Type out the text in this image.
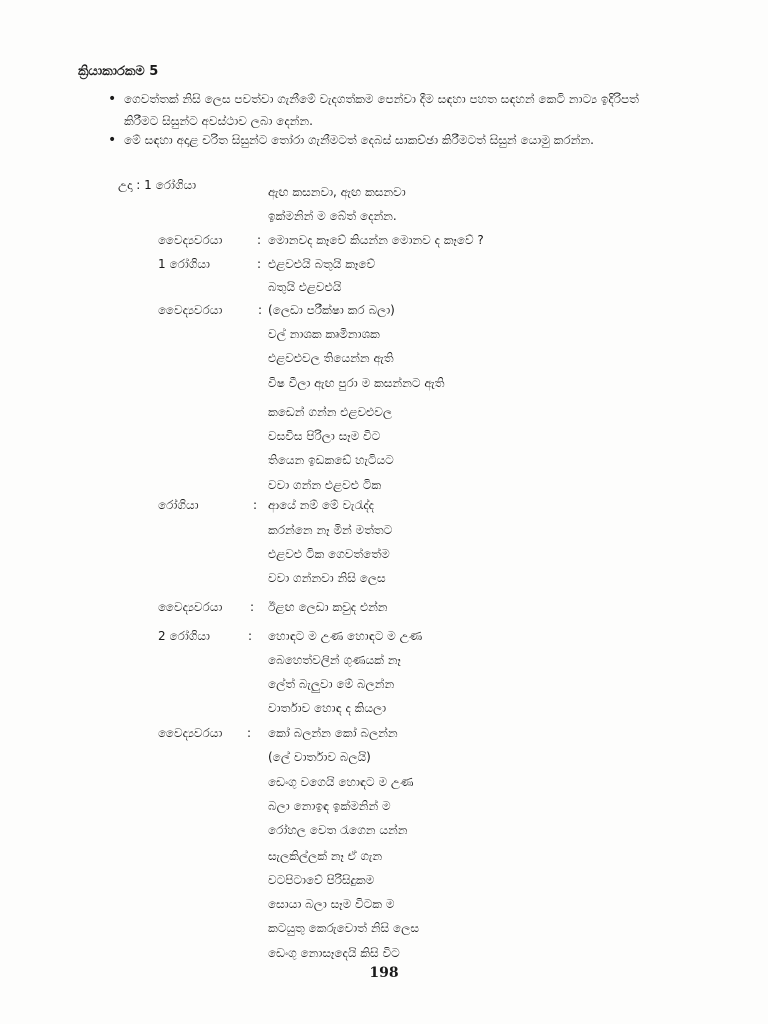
ක්‍රියාකාරකම 5
• ගෙවත්තක් නිසි ලෙස පවත්වා ගැනීමේ වැදගත්කම පෙන්වා දීම සඳහා පහත සඳහන් කෙටි නාට්‍ය ඉදිරිපත් කිරීමට සිසුන්ට අවස්ථාව ලබා දෙන්න.
• මේ සඳහා අදාළ චරිත සිසුන්ට තෝරා ගැනීමටත් දෙබස් සාකච්ඡා කිරීමටත් සිසුන් යොමු කරන්න.
උදා : 1 රෝගියා	ඇඟ කසනවා, ඇඟ කසනවා
ඉක්මනින් ම බේත් දෙන්න.
වෛද්‍යවරයා	: මොනවද කෑවේ කියන්න මොනව ද කෑවේ ?
1 රෝගියා	: එළවළුයි බතුයි කෑවේ
බතුයි එළවළුයි
වෛද්‍යවරයා	: (ලෙඩා පරීක්ෂා කර බලා)
වල් නාශක කෘමිනාශක
එළවළුවල තියෙන්න ඇති
විෂ වීලා ඇඟ පුරා ම කසන්නට ඇති
කඩෙන් ගන්න එළවළුවල
වසවිස පිරිලා සෑම විට
තියෙන ඉඩකඩේ හැටියට
වවා ගන්න එළවළු ටික
රෝගියා	: ආයේ නම් මේ වැරැද්ද
කරන්නෙ නෑ මින් මත්තට
එළවළු ටික ගෙවත්තේම
වවා ගන්නවා නිසි ලෙස
වෛද්‍යවරයා : ඊළඟ ලෙඩා කවුද එන්න
2 රෝගියා	: හොඳට ම උණ හොඳට ම උණ
බෙහෙත්වලින් ගුණයක් නෑ
ලේත් බැලුවා මේ බලන්න
වාර්තාව හොඳ ද කියලා
වෛද්‍යවරයා : කෝ බලන්න කෝ බලන්න
(ලේ වාර්තාව බලයි)
ඩෙංගු වගෙයි හොඳට ම උණ
බලා නොඉඳ ඉක්මනින් ම
රෝහල වෙත රැගෙන යන්න
සැලකිල්ලක් නෑ ඒ ගැන
වටපිටාවේ පිරිසිදුකම
සොයා බලා සෑම විටක ම
කටයුතු කෙරුවොත් නිසි ලෙස
ඩෙංගු නොසෑදෙයි කිසි විට
198
